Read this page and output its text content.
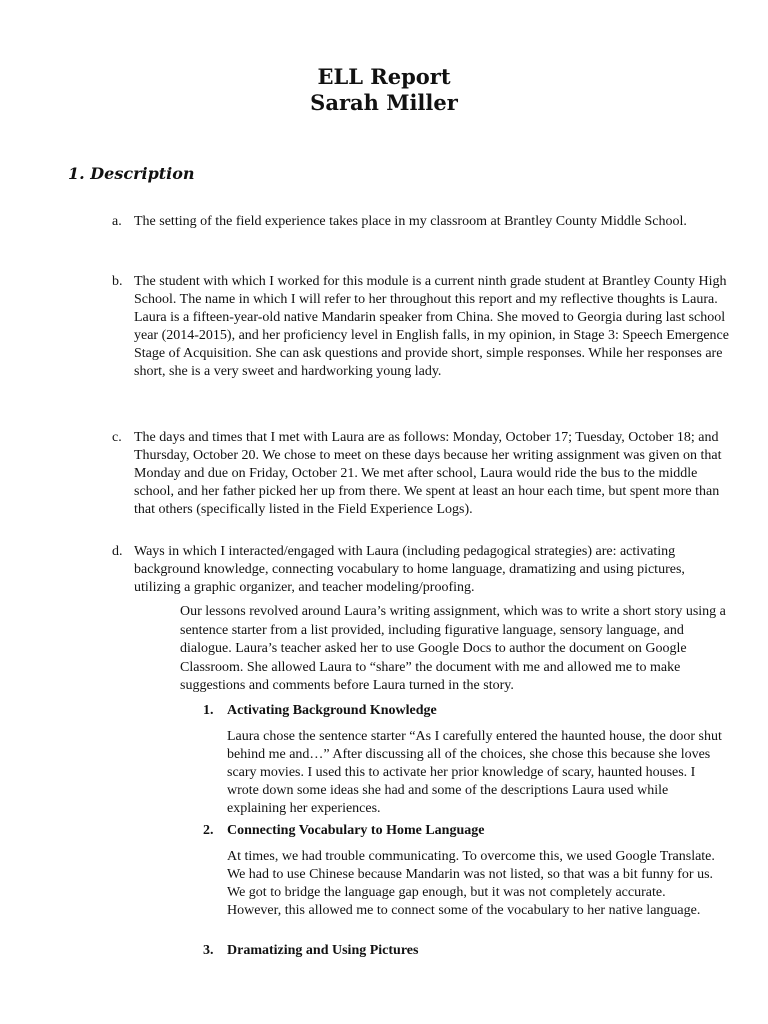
ELL Report
Sarah Miller
1. Description
a. The setting of the field experience takes place in my classroom at Brantley County Middle School.
b. The student with which I worked for this module is a current ninth grade student at Brantley County High School. The name in which I will refer to her throughout this report and my reflective thoughts is Laura. Laura is a fifteen-year-old native Mandarin speaker from China. She moved to Georgia during last school year (2014-2015), and her proficiency level in English falls, in my opinion, in Stage 3: Speech Emergence Stage of Acquisition. She can ask questions and provide short, simple responses. While her responses are short, she is a very sweet and hardworking young lady.
c. The days and times that I met with Laura are as follows: Monday, October 17; Tuesday, October 18; and Thursday, October 20. We chose to meet on these days because her writing assignment was given on that Monday and due on Friday, October 21. We met after school, Laura would ride the bus to the middle school, and her father picked her up from there. We spent at least an hour each time, but spent more than that others (specifically listed in the Field Experience Logs).
d. Ways in which I interacted/engaged with Laura (including pedagogical strategies) are: activating background knowledge, connecting vocabulary to home language, dramatizing and using pictures, utilizing a graphic organizer, and teacher modeling/proofing.
Our lessons revolved around Laura’s writing assignment, which was to write a short story using a sentence starter from a list provided, including figurative language, sensory language, and dialogue. Laura’s teacher asked her to use Google Docs to author the document on Google Classroom. She allowed Laura to “share” the document with me and allowed me to make suggestions and comments before Laura turned in the story.
1. Activating Background Knowledge
Laura chose the sentence starter “As I carefully entered the haunted house, the door shut behind me and…” After discussing all of the choices, she chose this because she loves scary movies. I used this to activate her prior knowledge of scary, haunted houses. I wrote down some ideas she had and some of the descriptions Laura used while explaining her experiences.
2. Connecting Vocabulary to Home Language
At times, we had trouble communicating. To overcome this, we used Google Translate. We had to use Chinese because Mandarin was not listed, so that was a bit funny for us. We got to bridge the language gap enough, but it was not completely accurate. However, this allowed me to connect some of the vocabulary to her native language.
3. Dramatizing and Using Pictures
